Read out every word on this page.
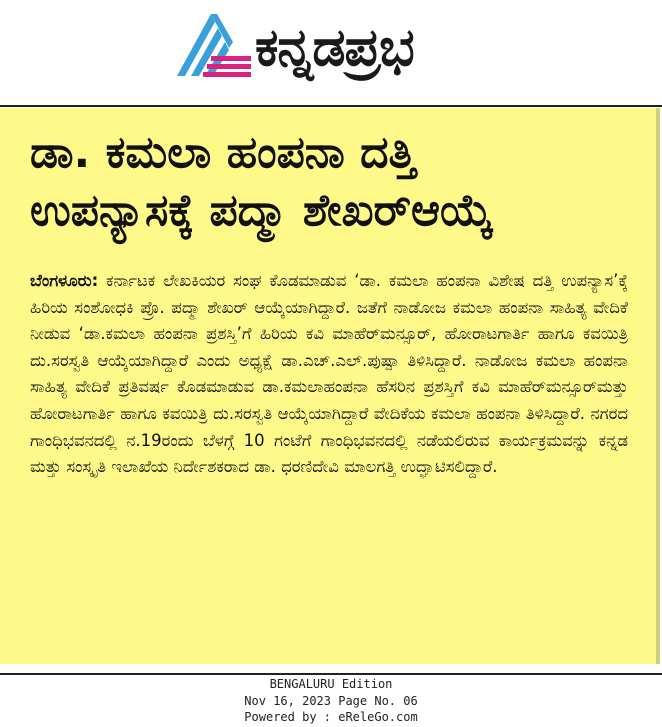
ಕನ್ನಡಪ್ರಭ
ಡಾ. ಕಮಲಾ ಹಂಪನಾ ದತ್ತಿ
ಉಪನ್ಯಾಸಕ್ಕೆ ಪದ್ಮಾ ಶೇಖರ್‌ಆಯ್ಕೆ
ಬೆಂಗಳೂರು: ಕರ್ನಾಟಕ ಲೇಖಕಿಯರ ಸಂಘ ಕೊಡಮಾಡುವ ‘ಡಾ. ಕಮಲಾ ಹಂಪನಾ ವಿಶೇಷ ದತ್ತಿ ಉಪನ್ಯಾಸ’ಕ್ಕೆ ಹಿರಿಯ ಸಂಶೋಧಕಿ ಪ್ರೊ. ಪದ್ಮಾ ಶೇಖರ್ ಆಯ್ಕೆಯಾಗಿದ್ದಾರೆ. ಜತೆಗೆ ನಾಡೋಜ ಕಮಲಾ ಹಂಪನಾ ಸಾಹಿತ್ಯ ವೇದಿಕೆ ನೀಡುವ ‘ಡಾ.ಕಮಲಾ ಹಂಪನಾ ಪ್ರಶಸ್ತಿ’ಗೆ ಹಿರಿಯ ಕವಿ ಮಾಹೆರ್‌ಮನ್ಸೂರ್, ಹೋರಾಟಗಾರ್ತಿ ಹಾಗೂ ಕವಯಿತ್ರಿ ದು.ಸರಸ್ವತಿ ಆಯ್ಕೆಯಾಗಿದ್ದಾರೆ ಎಂದು ಅಧ್ಯಕ್ಷೆ ಡಾ.ಎಚ್.ಎಲ್.ಪುಷ್ಪಾ ತಿಳಿಸಿದ್ದಾರೆ. ನಾಡೋಜ ಕಮಲಾ ಹಂಪನಾ ಸಾಹಿತ್ಯ ವೇದಿಕೆ ಪ್ರತಿವರ್ಷ ಕೊಡಮಾಡುವ ಡಾ.ಕಮಲಾಹಂಪನಾ ಹೆಸರಿನ ಪ್ರಶಸ್ತಿಗೆ ಕವಿ ಮಾಹೆರ್‌ಮನ್ಸೂರ್‌ಮತ್ತು ಹೋರಾಟಗಾರ್ತಿ ಹಾಗೂ ಕವಯಿತ್ರಿ ದು.ಸರಸ್ವತಿ ಆಯ್ಕೆಯಾಗಿದ್ದಾರೆ ವೇದಿಕೆಯ ಕಮಲಾ ಹಂಪನಾ ತಿಳಿಸಿದ್ದಾರೆ. ನಗರದ ಗಾಂಧಿಭವನದಲ್ಲಿ ನ.19ರಂದು ಬೆಳಗ್ಗೆ 10 ಗಂಟೆಗೆ ಗಾಂಧಿಭವನದಲ್ಲಿ ನಡೆಯಲಿರುವ ಕಾರ್ಯಕ್ರಮವನ್ನು ಕನ್ನಡ ಮತ್ತು ಸಂಸ್ಕೃತಿ ಇಲಾಖೆಯ ನಿರ್ದೇಶಕರಾದ ಡಾ. ಧರಣಿದೇವಿ ಮಾಲಗತ್ತಿ ಉದ್ಘಾಟಿಸಲಿದ್ದಾರೆ.
BENGALURU Edition
Nov 16, 2023 Page No. 06
Powered by : eReleGo.com
